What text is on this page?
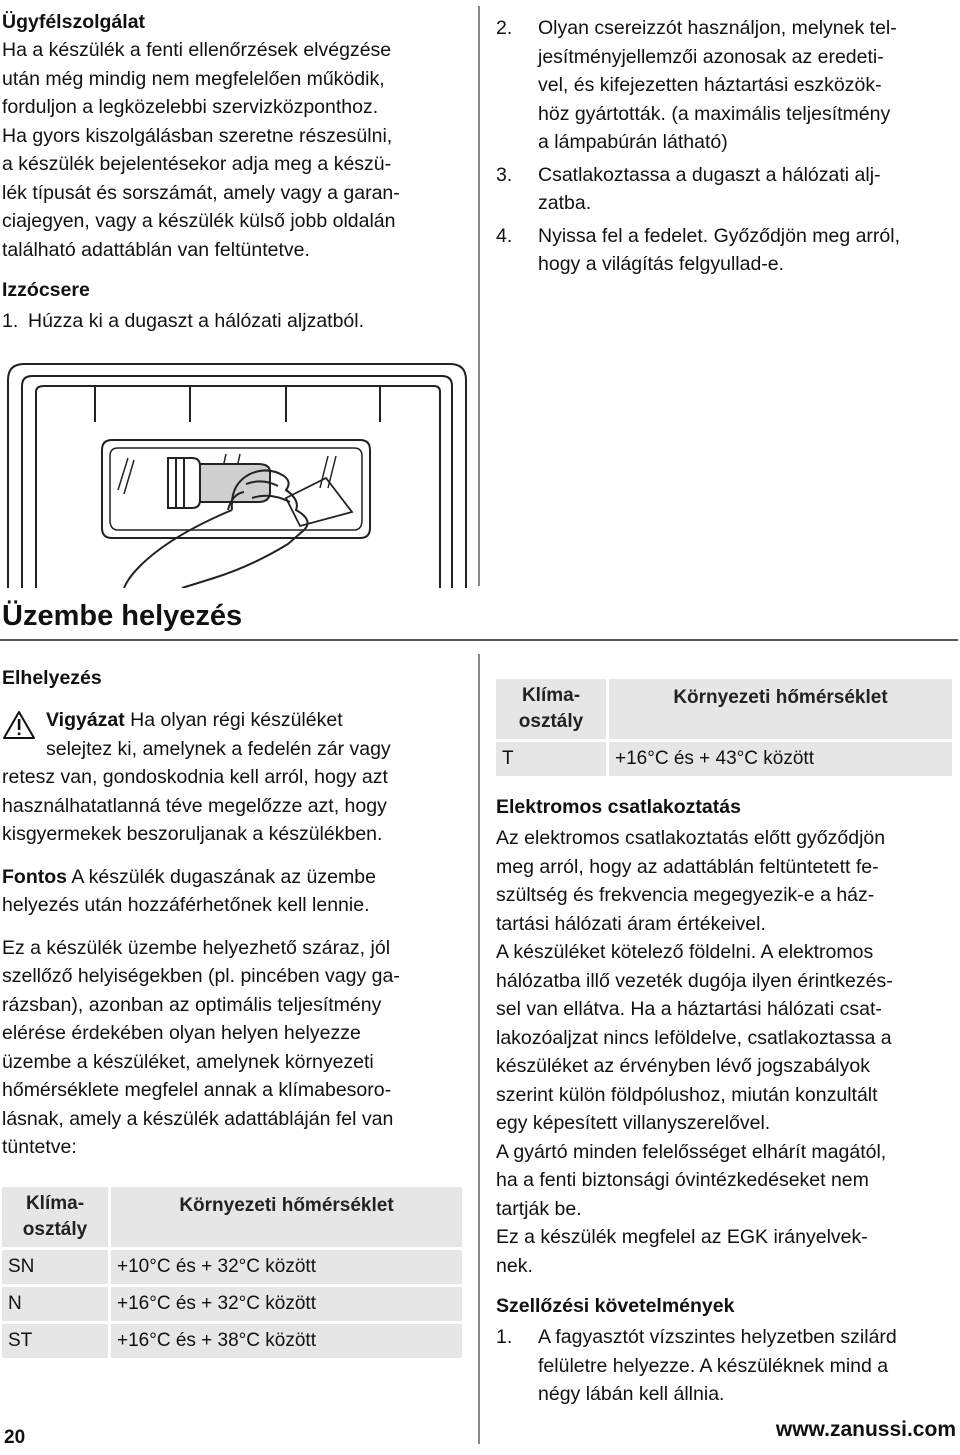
Ügyfélszolgálat

Ha a készülék a fenti ellenőrzések elvégzése
után még mindig nem megfelelően működik,
forduljon a legközelebbi szervizközponthoz.
Ha gyors kiszolgálásban szeretne részesülni,
a készülék bejelentésekor adja meg a készü-
lék típusát és sorszámát, amely vagy a garan-
ciajegyen, vagy a készülék külső jobb oldalán
található adattáblán van feltüntetve.

Izzócsere
1. Húzza ki a dugaszt a hálózati aljzatból.
2.	Olyan csereizzót használjon, melynek tel-
jesítményjellemzői azonosak az eredeti-
vel, és kifejezetten háztartási eszközök-
höz gyártották. (a maximális teljesítmény
a lámpabúrán látható)
3.	Csatlakoztassa a dugaszt a hálózati alj-
zatba.
4.	Nyissa fel a fedelet. Győződjön meg arról,
hogy a világítás felgyullad-e.
Üzembe helyezés
Elhelyezés
Vigyázat Ha olyan régi készüléket
selejtez ki, amelynek a fedelén zár vagy

retesz van, gondoskodnia kell arról, hogy azt
használhatatlanná téve megelőzze azt, hogy
kisgyermekek beszoruljanak a készülékben.

Fontos A készülék dugaszának az üzembe
helyezés után hozzáférhetőnek kell lennie.

Ez a készülék üzembe helyezhető száraz, jól
szellőző helyiségekben (pl. pincében vagy ga-
rázsban), azonban az optimális teljesítmény
elérése érdekében olyan helyen helyezze
üzembe a készüléket, amelynek környezeti
hőmérséklete megfelel annak a klímabesoro-
lásnak, amely a készülék adattábláján fel van
tüntetve:

Klíma-
osztály	Környezeti hőmérséklet
SN	+10°C és + 32°C között
N	+16°C és + 32°C között
ST	+16°C és + 38°C között
Klíma-
osztály	Környezeti hőmérséklet
T	+16°C és + 43°C között
Elektromos csatlakoztatás

Az elektromos csatlakoztatás előtt győződjön
meg arról, hogy az adattáblán feltüntetett fe-
szültség és frekvencia megegyezik-e a ház-
tartási hálózati áram értékeivel.

A készüléket kötelező földelni. A elektromos
hálózatba illő vezeték dugója ilyen érintkezés-
sel van ellátva. Ha a háztartási hálózati csat-
lakozóaljzat nincs leföldelve, csatlakoztassa a
készüléket az érvényben lévő jogszabályok
szerint külön földpólushoz, miután konzultált
egy képesített villanyszerelővel.

A gyártó minden felelősséget elhárít magától,
ha a fenti biztonsági óvintézkedéseket nem
tartják be.

Ez a készülék megfelel az EGK irányelvek-
nek.

Szellőzési követelmények
1.	A fagyasztót vízszintes helyzetben szilárd
felületre helyezze. A készüléknek mind a
négy lábán kell állnia.
20	www.zanussi.com
